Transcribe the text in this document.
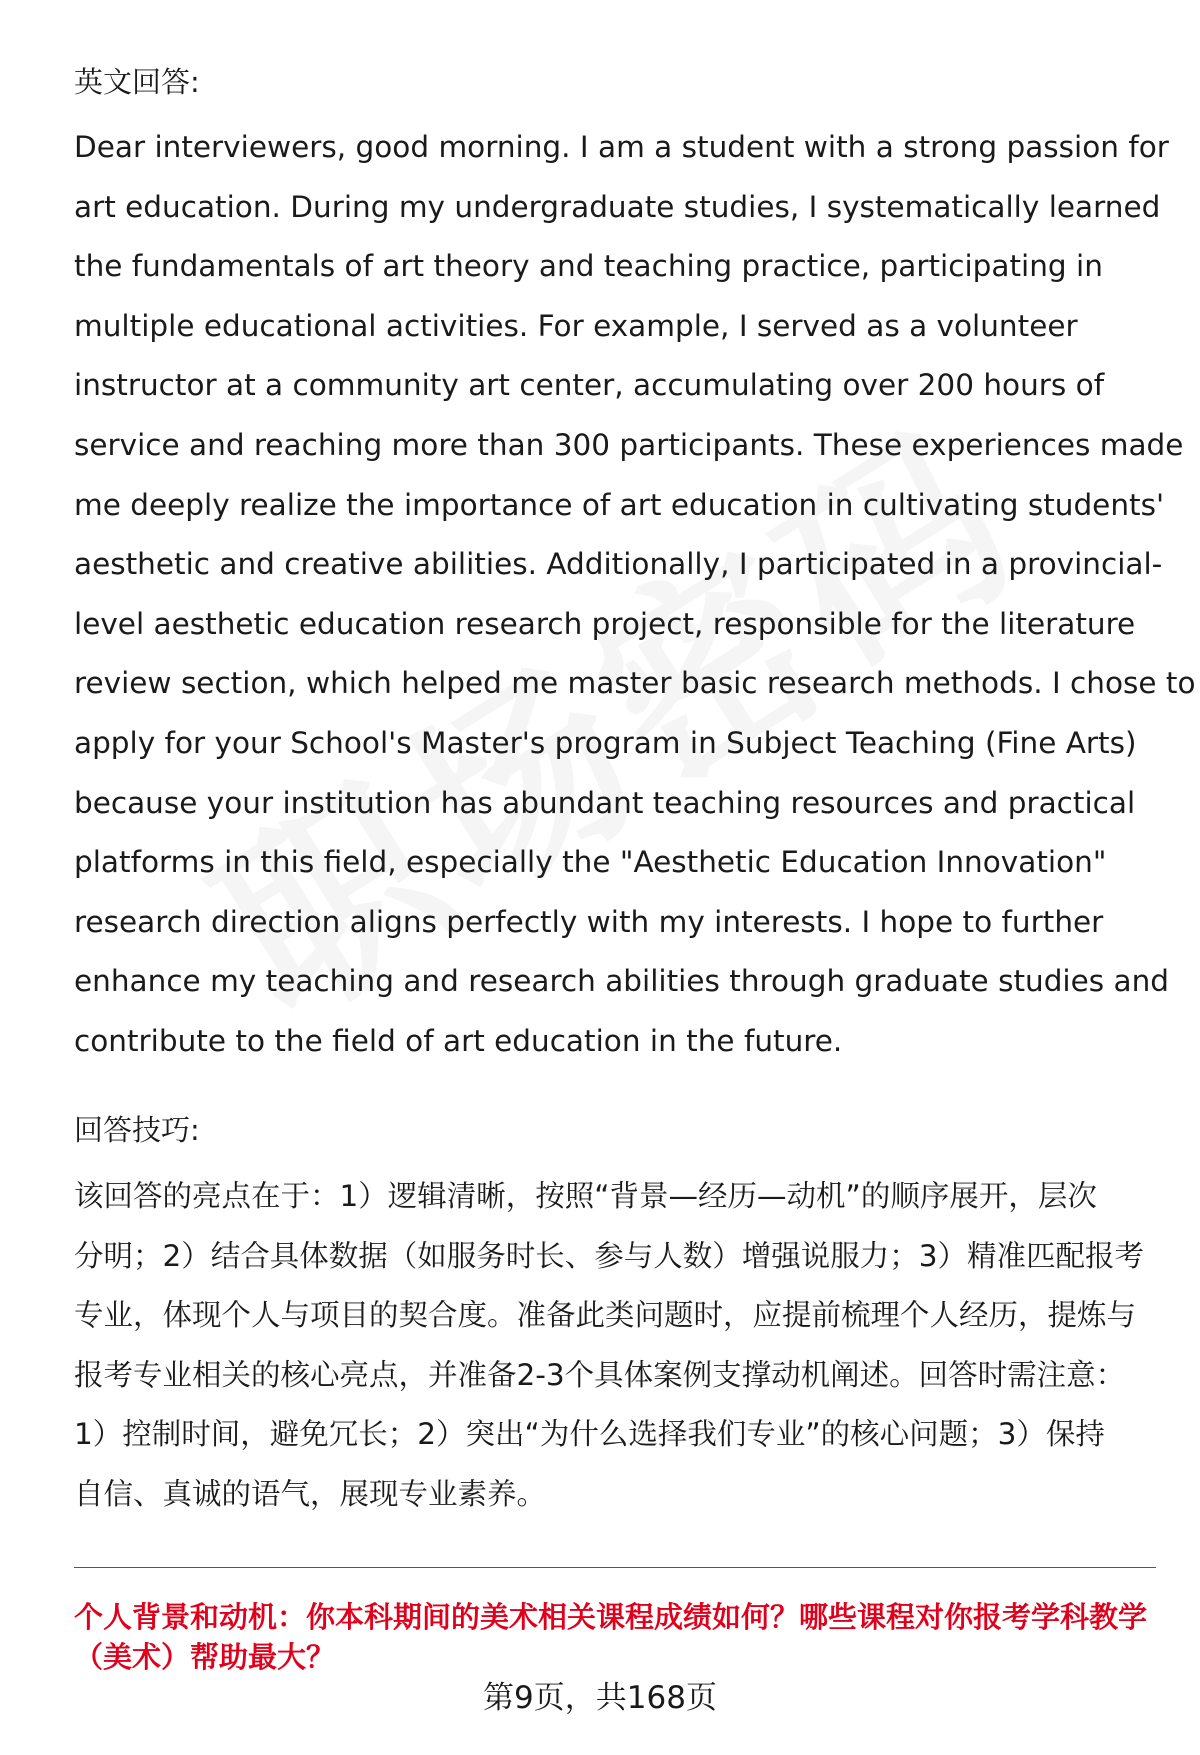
英文回答:
Dear interviewers, good morning. I am a student with a strong passion for
art education. During my undergraduate studies, I systematically learned
the fundamentals of art theory and teaching practice, participating in
multiple educational activities. For example, I served as a volunteer
instructor at a community art center, accumulating over 200 hours of
service and reaching more than 300 participants. These experiences made
me deeply realize the importance of art education in cultivating students'
aesthetic and creative abilities. Additionally, I participated in a provincial-
level aesthetic education research project, responsible for the literature
review section, which helped me master basic research methods. I chose to
apply for your School's Master's program in Subject Teaching (Fine Arts)
because your institution has abundant teaching resources and practical
platforms in this field, especially the "Aesthetic Education Innovation"
research direction aligns perfectly with my interests. I hope to further
enhance my teaching and research abilities through graduate studies and
contribute to the field of art education in the future.
回答技巧:
该回答的亮点在于：1）逻辑清晰，按照“背景—经历—动机”的顺序展开，层次
分明；2）结合具体数据（如服务时长、参与人数）增强说服力；3）精准匹配报考
专业，体现个人与项目的契合度。准备此类问题时，应提前梳理个人经历，提炼与
报考专业相关的核心亮点，并准备2-3个具体案例支撑动机阐述。回答时需注意：
1）控制时间，避免冗长；2）突出“为什么选择我们专业”的核心问题；3）保持
自信、真诚的语气，展现专业素养。
个人背景和动机：你本科期间的美术相关课程成绩如何？哪些课程对你报考学科教学（美术）帮助最大？
第9页，共168页
